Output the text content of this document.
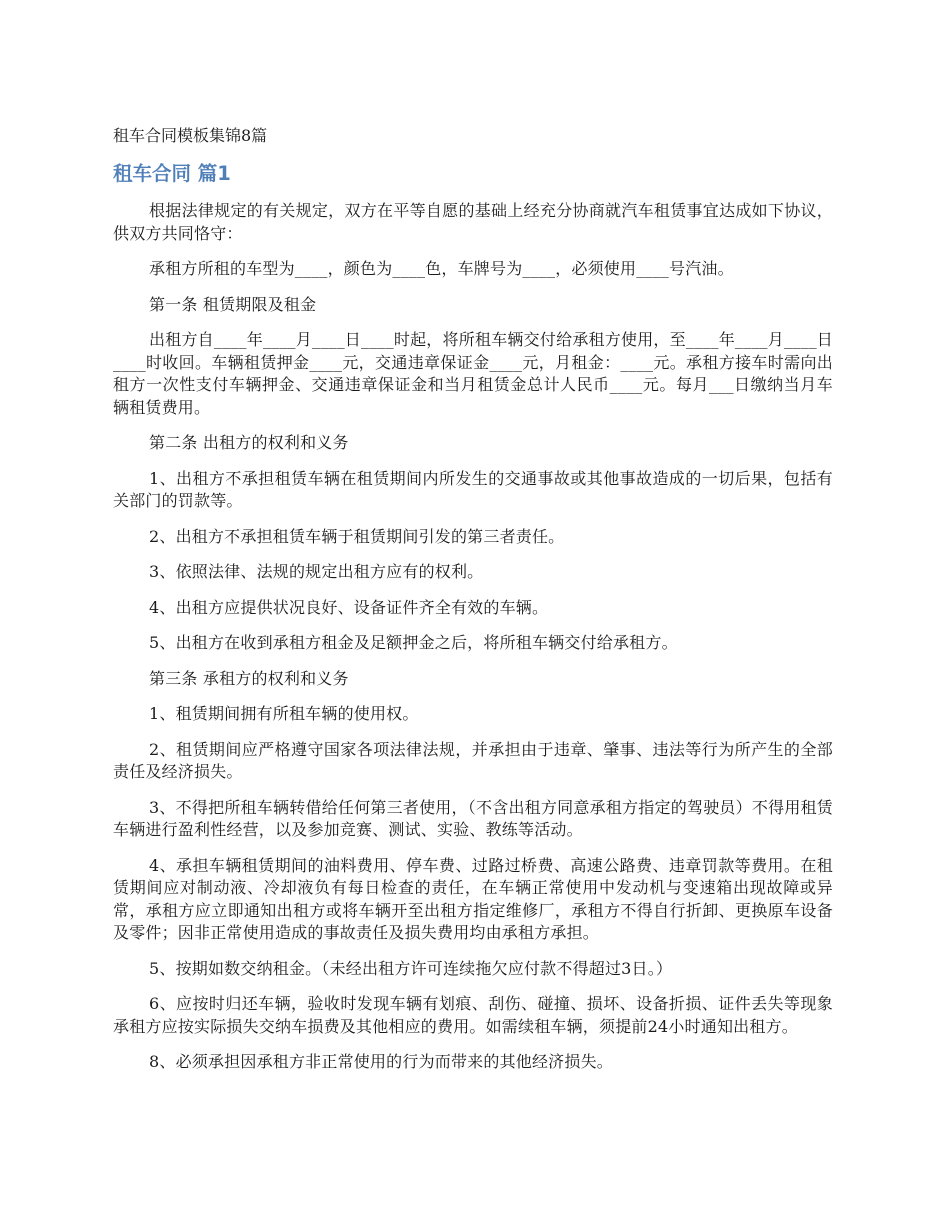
租车合同模板集锦8篇
租车合同 篇1

根据法律规定的有关规定，双方在平等自愿的基础上经充分协商就汽车租赁事宜达成如下协议，供双方共同恪守：

承租方所租的车型为____，颜色为____色，车牌号为____，必须使用____号汽油。

第一条 租赁期限及租金

出租方自____年____月____日____时起，将所租车辆交付给承租方使用，至____年____月____日____时收回。车辆租赁押金____元，交通违章保证金____元，月租金：____元。承租方接车时需向出租方一次性支付车辆押金、交通违章保证金和当月租赁金总计人民币____元。每月___日缴纳当月车辆租赁费用。

第二条 出租方的权利和义务

1、出租方不承担租赁车辆在租赁期间内所发生的交通事故或其他事故造成的一切后果，包括有关部门的罚款等。

2、出租方不承担租赁车辆于租赁期间引发的第三者责任。

3、依照法律、法规的规定出租方应有的权利。

4、出租方应提供状况良好、设备证件齐全有效的车辆。

5、出租方在收到承租方租金及足额押金之后，将所租车辆交付给承租方。

第三条 承租方的权利和义务

1、租赁期间拥有所租车辆的使用权。

2、租赁期间应严格遵守国家各项法律法规，并承担由于违章、肇事、违法等行为所产生的全部责任及经济损失。

3、不得把所租车辆转借给任何第三者使用，（不含出租方同意承租方指定的驾驶员）不得用租赁车辆进行盈利性经营，以及参加竞赛、测试、实验、教练等活动。

4、承担车辆租赁期间的油料费用、停车费、过路过桥费、高速公路费、违章罚款等费用。在租赁期间应对制动液、冷却液负有每日检查的责任，在车辆正常使用中发动机与变速箱出现故障或异常，承租方应立即通知出租方或将车辆开至出租方指定维修厂，承租方不得自行折卸、更换原车设备及零件；因非正常使用造成的事故责任及损失费用均由承租方承担。

5、按期如数交纳租金。（未经出租方许可连续拖欠应付款不得超过3日。）

6、应按时归还车辆，验收时发现车辆有划痕、刮伤、碰撞、损坏、设备折损、证件丢失等现象承租方应按实际损失交纳车损费及其他相应的费用。如需续租车辆，须提前24小时通知出租方。

8、必须承担因承租方非正常使用的行为而带来的其他经济损失。
